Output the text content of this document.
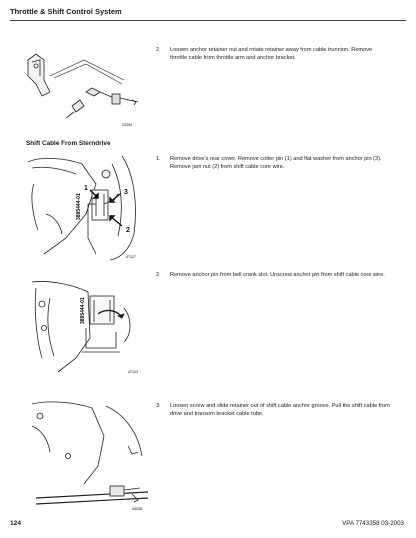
Throttle & Shift Control System
23394
2. Loosen anchor retainer nut and rotate retainer away from cable trunnion. Remove throttle cable from throttle arm and anchor bracket.
Shift Cable From Sterndrive
3885444-01
1
2
3
47127
1. Remove drive's rear cover. Remove cotter pin (1) and flat washer from anchor pin (3). Remove jam nut (2) from shift cable core wire.
3885444-01
47123
2. Remove anchor pin from bell crank slot. Unscrew anchor pin from shift cable core wire.
34038
3. Loosen screw and slide retainer out of shift cable anchor groove. Pull the shift cable from drive and transom bracket cable tube.
124	VPA 7743358 03-2003
